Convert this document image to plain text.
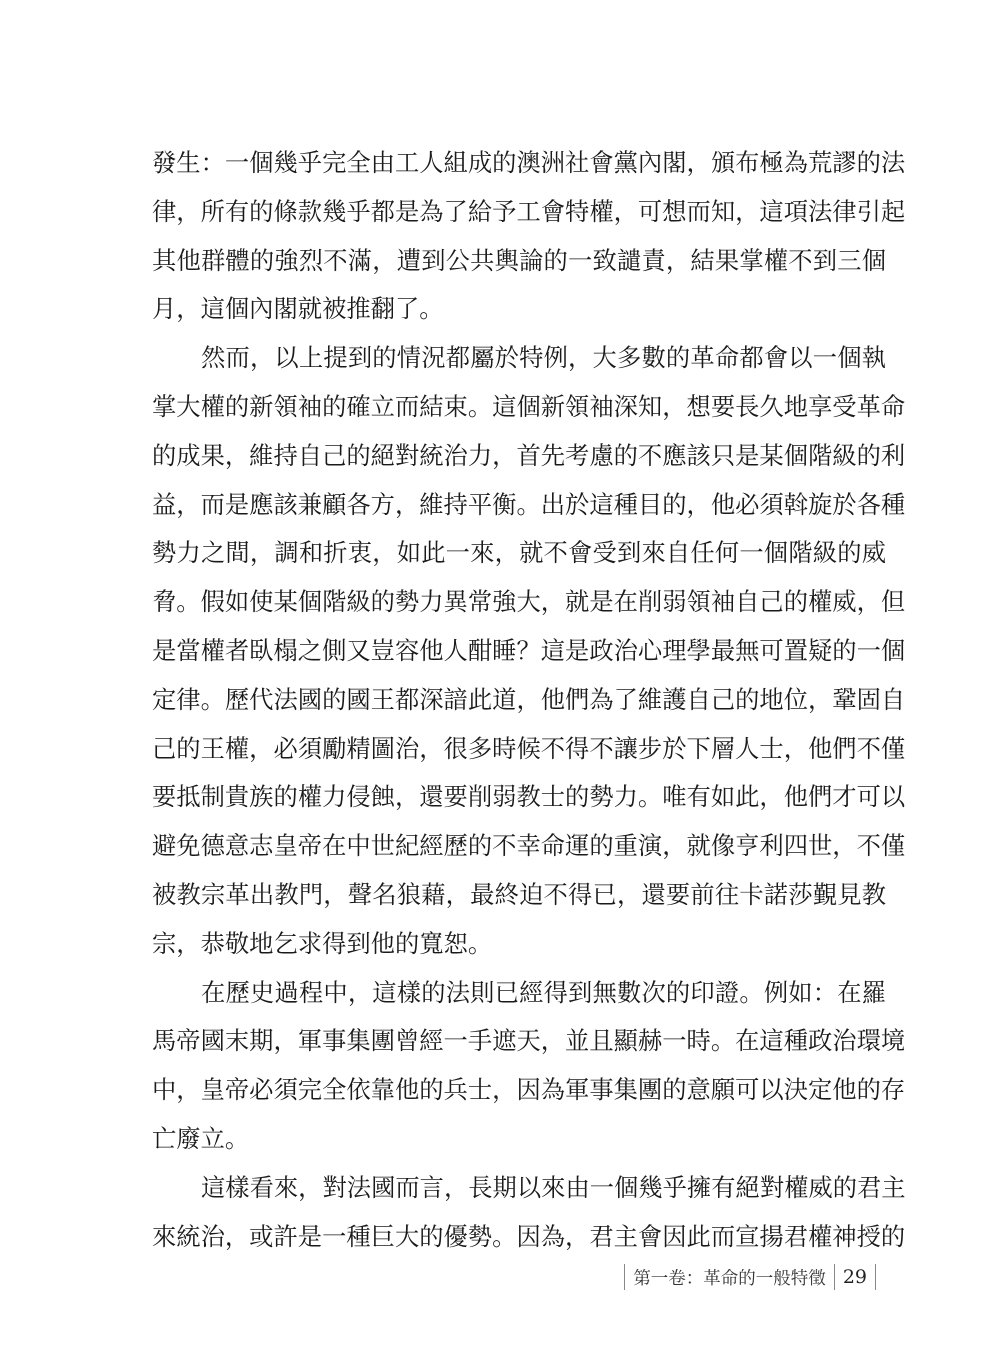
發生：一個幾乎完全由工人組成的澳洲社會黨內閣，頒布極為荒謬的法
律，所有的條款幾乎都是為了給予工會特權，可想而知，這項法律引起
其他群體的強烈不滿，遭到公共輿論的一致譴責，結果掌權不到三個
月，這個內閣就被推翻了。
然而，以上提到的情況都屬於特例，大多數的革命都會以一個執
掌大權的新領袖的確立而結束。這個新領袖深知，想要長久地享受革命
的成果，維持自己的絕對統治力，首先考慮的不應該只是某個階級的利
益，而是應該兼顧各方，維持平衡。出於這種目的，他必須斡旋於各種
勢力之間，調和折衷，如此一來，就不會受到來自任何一個階級的威
脅。假如使某個階級的勢力異常強大，就是在削弱領袖自己的權威，但
是當權者臥榻之側又豈容他人酣睡？這是政治心理學最無可置疑的一個
定律。歷代法國的國王都深諳此道，他們為了維護自己的地位，鞏固自
己的王權，必須勵精圖治，很多時候不得不讓步於下層人士，他們不僅
要抵制貴族的權力侵蝕，還要削弱教士的勢力。唯有如此，他們才可以
避免德意志皇帝在中世紀經歷的不幸命運的重演，就像亨利四世，不僅
被教宗革出教門，聲名狼藉，最終迫不得已，還要前往卡諾莎覲見教
宗，恭敬地乞求得到他的寬恕。
在歷史過程中，這樣的法則已經得到無數次的印證。例如：在羅
馬帝國末期，軍事集團曾經一手遮天，並且顯赫一時。在這種政治環境
中，皇帝必須完全依靠他的兵士，因為軍事集團的意願可以決定他的存
亡廢立。
這樣看來，對法國而言，長期以來由一個幾乎擁有絕對權威的君主
來統治，或許是一種巨大的優勢。因為，君主會因此而宣揚君權神授的
第一卷：革命的一般特徵 29
